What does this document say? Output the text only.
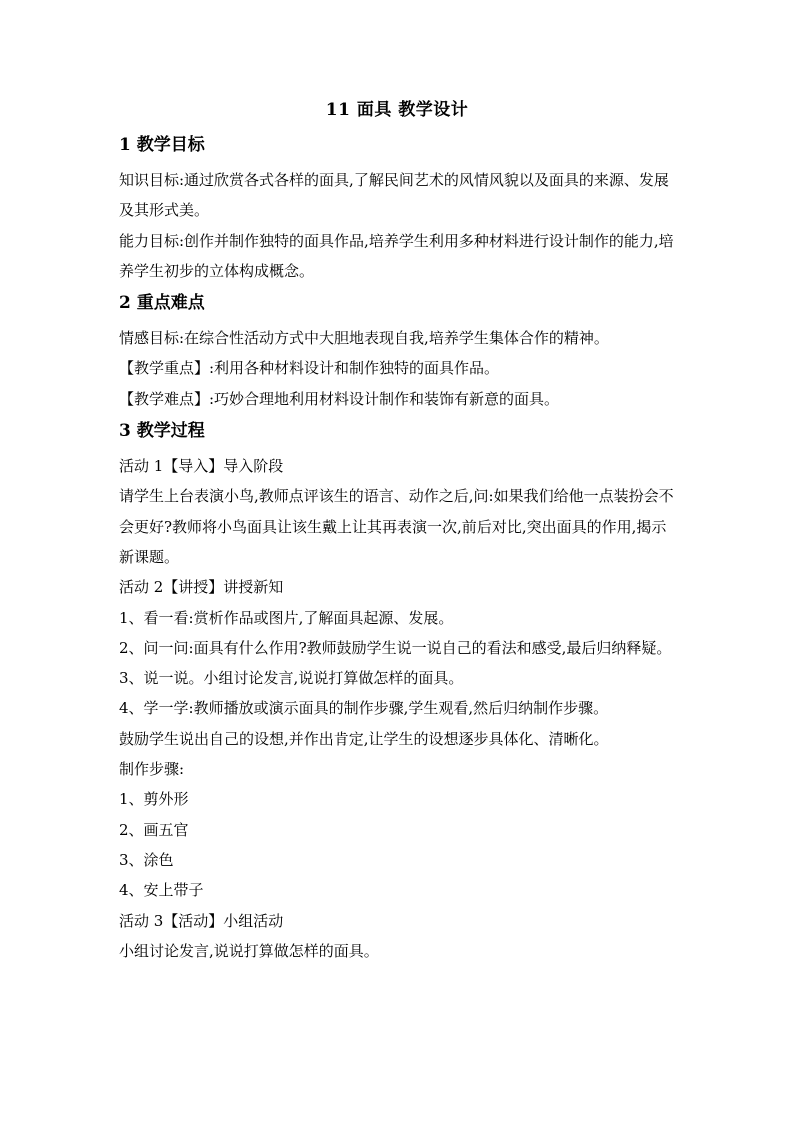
11 面具 教学设计
1 教学目标

知识目标:通过欣赏各式各样的面具,了解民间艺术的风情风貌以及面具的来源、发展及其形式美。

能力目标:创作并制作独特的面具作品,培养学生利用多种材料进行设计制作的能力,培养学生初步的立体构成概念。

2 重点难点

情感目标:在综合性活动方式中大胆地表现自我,培养学生集体合作的精神。

【教学重点】:利用各种材料设计和制作独特的面具作品。

【教学难点】:巧妙合理地利用材料设计制作和装饰有新意的面具。

3 教学过程

活动 1【导入】导入阶段

请学生上台表演小鸟,教师点评该生的语言、动作之后,问:如果我们给他一点装扮会不会更好?教师将小鸟面具让该生戴上让其再表演一次,前后对比,突出面具的作用,揭示新课题。

活动 2【讲授】讲授新知

1、看一看:赏析作品或图片,了解面具起源、发展。

2、问一问:面具有什么作用?教师鼓励学生说一说自己的看法和感受,最后归纳释疑。

3、说一说。小组讨论发言,说说打算做怎样的面具。

4、学一学:教师播放或演示面具的制作步骤,学生观看,然后归纳制作步骤。

鼓励学生说出自己的设想,并作出肯定,让学生的设想逐步具体化、清晰化。

制作步骤:

1、剪外形

2、画五官

3、涂色

4、安上带子

活动 3【活动】小组活动

小组讨论发言,说说打算做怎样的面具。
